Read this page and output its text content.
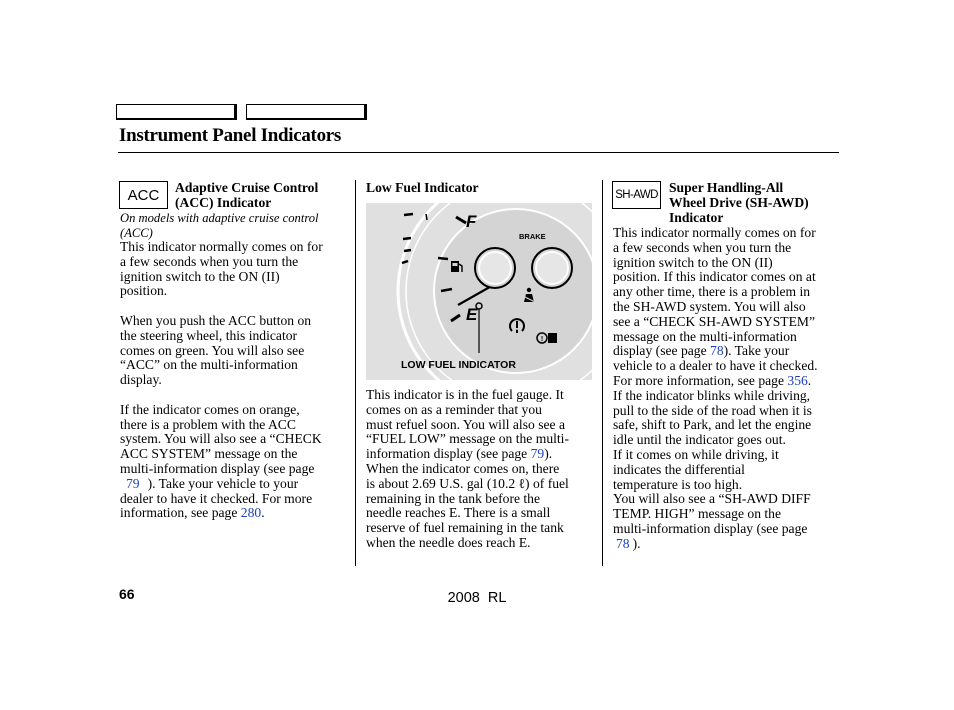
Instrument Panel Indicators
ACC Adaptive Cruise Control
(ACC) Indicator
On models with adaptive cruise control
(ACC)

This indicator normally comes on for
a few seconds when you turn the
ignition switch to the ON (II)
position.

When you push the ACC button on
the steering wheel, this indicator
comes on green. You will also see
“ACC” on the multi-information
display.

If the indicator comes on orange,
there is a problem with the ACC
system. You will also see a “CHECK
ACC SYSTEM” message on the
multi-information display (see page
79 ). Take your vehicle to your
dealer to have it checked. For more
information, see page 280.

Low Fuel Indicator
F
E
BRAKE
!
LOW FUEL INDICATOR

This indicator is in the fuel gauge. It
comes on as a reminder that you
must refuel soon. You will also see a
“FUEL LOW” message on the multi-
information display (see page 79).
When the indicator comes on, there
is about 2.69 U.S. gal (10.2 ℓ) of fuel
remaining in the tank before the
needle reaches E. There is a small
reserve of fuel remaining in the tank
when the needle does reach E.

SH-AWD Super Handling-All
Wheel Drive (SH-AWD)
Indicator

This indicator normally comes on for
a few seconds when you turn the
ignition switch to the ON (II)
position. If this indicator comes on at
any other time, there is a problem in
the SH-AWD system. You will also
see a “CHECK SH-AWD SYSTEM”
message on the multi-information
display (see page 78). Take your
vehicle to a dealer to have it checked.
For more information, see page 356.
If the indicator blinks while driving,
pull to the side of the road when it is
safe, shift to Park, and let the engine
idle until the indicator goes out.
If it comes on while driving, it
indicates the differential
temperature is too high.
You will also see a “SH-AWD DIFF
TEMP. HIGH” message on the
multi-information display (see page
78 ).

66	2008  RL
